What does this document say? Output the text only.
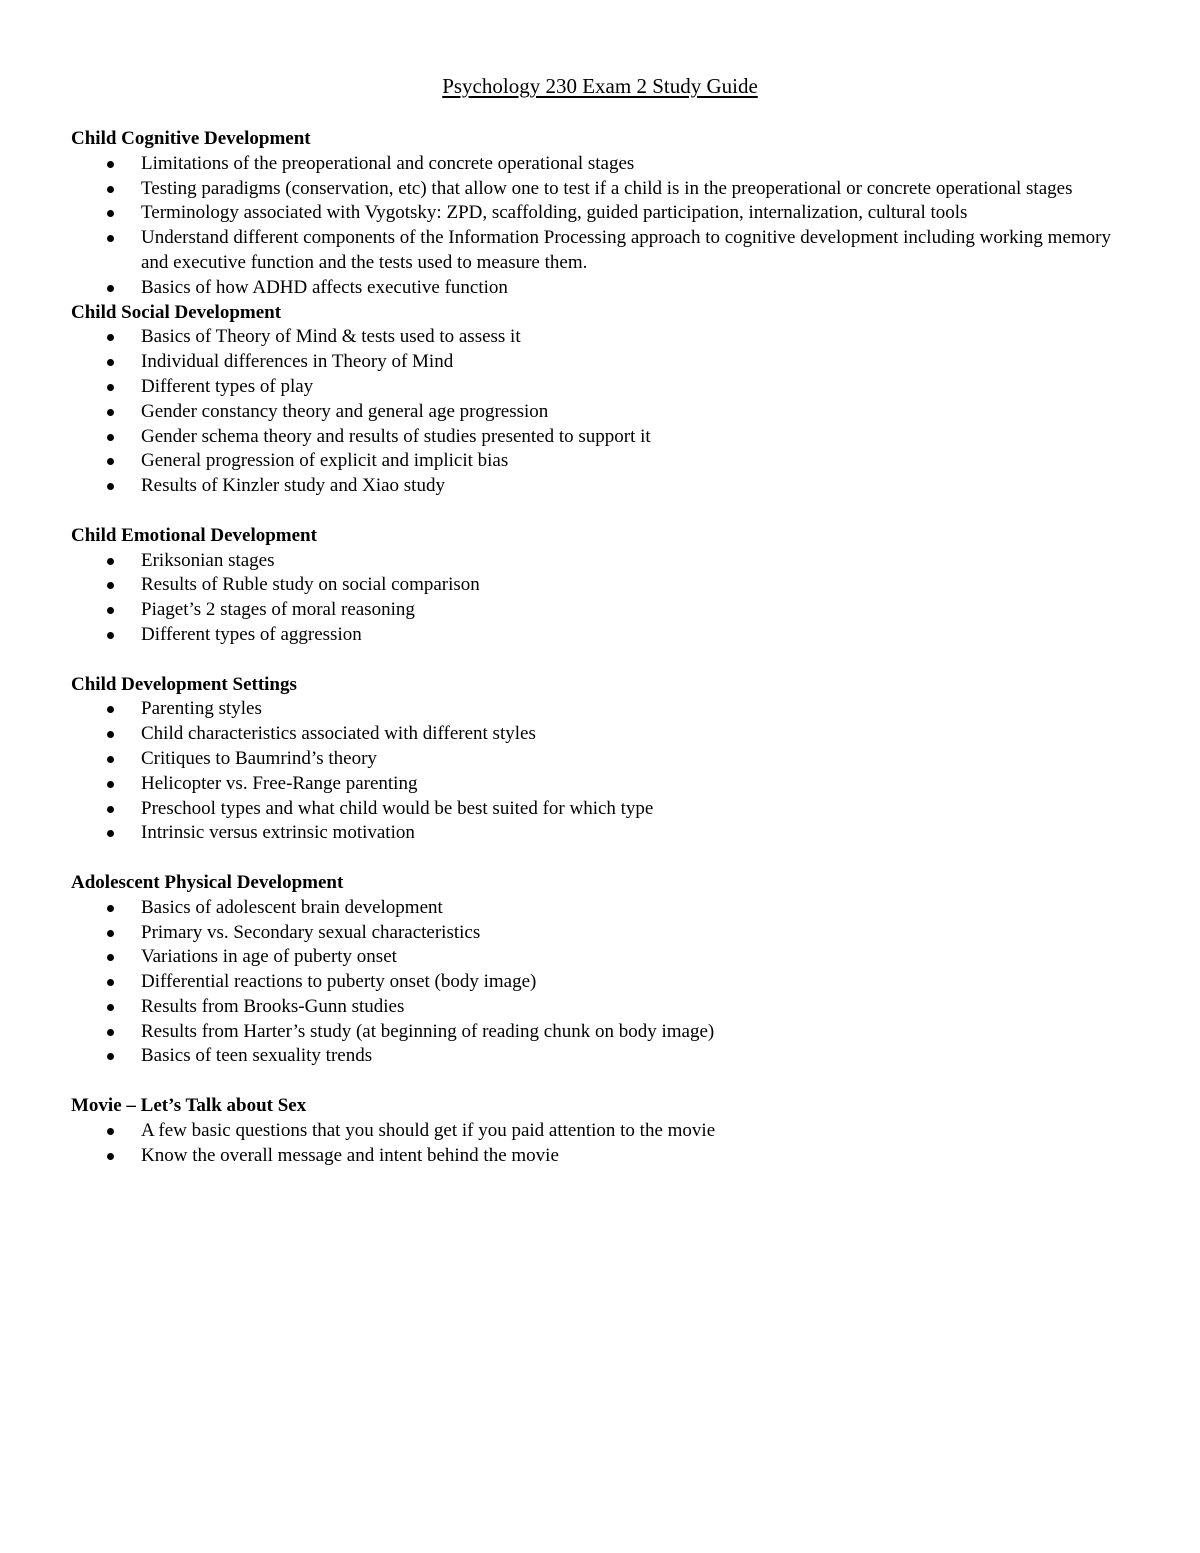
Psychology 230 Exam 2 Study Guide
Child Cognitive Development
Limitations of the preoperational and concrete operational stages
Testing paradigms (conservation, etc) that allow one to test if a child is in the preoperational or concrete operational stages
Terminology associated with Vygotsky: ZPD, scaffolding, guided participation, internalization, cultural tools
Understand different components of the Information Processing approach to cognitive development including working memory and executive function and the tests used to measure them.
Basics of how ADHD affects executive function
Child Social Development
Basics of Theory of Mind & tests used to assess it
Individual differences in Theory of Mind
Different types of play
Gender constancy theory and general age progression
Gender schema theory and results of studies presented to support it
General progression of explicit and implicit bias
Results of Kinzler study and Xiao study
Child Emotional Development
Eriksonian stages
Results of Ruble study on social comparison
Piaget’s 2 stages of moral reasoning
Different types of aggression
Child Development Settings
Parenting styles
Child characteristics associated with different styles
Critiques to Baumrind’s theory
Helicopter vs. Free-Range parenting
Preschool types and what child would be best suited for which type
Intrinsic versus extrinsic motivation
Adolescent Physical Development
Basics of adolescent brain development
Primary vs. Secondary sexual characteristics
Variations in age of puberty onset
Differential reactions to puberty onset (body image)
Results from Brooks-Gunn studies
Results from Harter’s study (at beginning of reading chunk on body image)
Basics of teen sexuality trends
Movie – Let’s Talk about Sex
A few basic questions that you should get if you paid attention to the movie
Know the overall message and intent behind the movie
